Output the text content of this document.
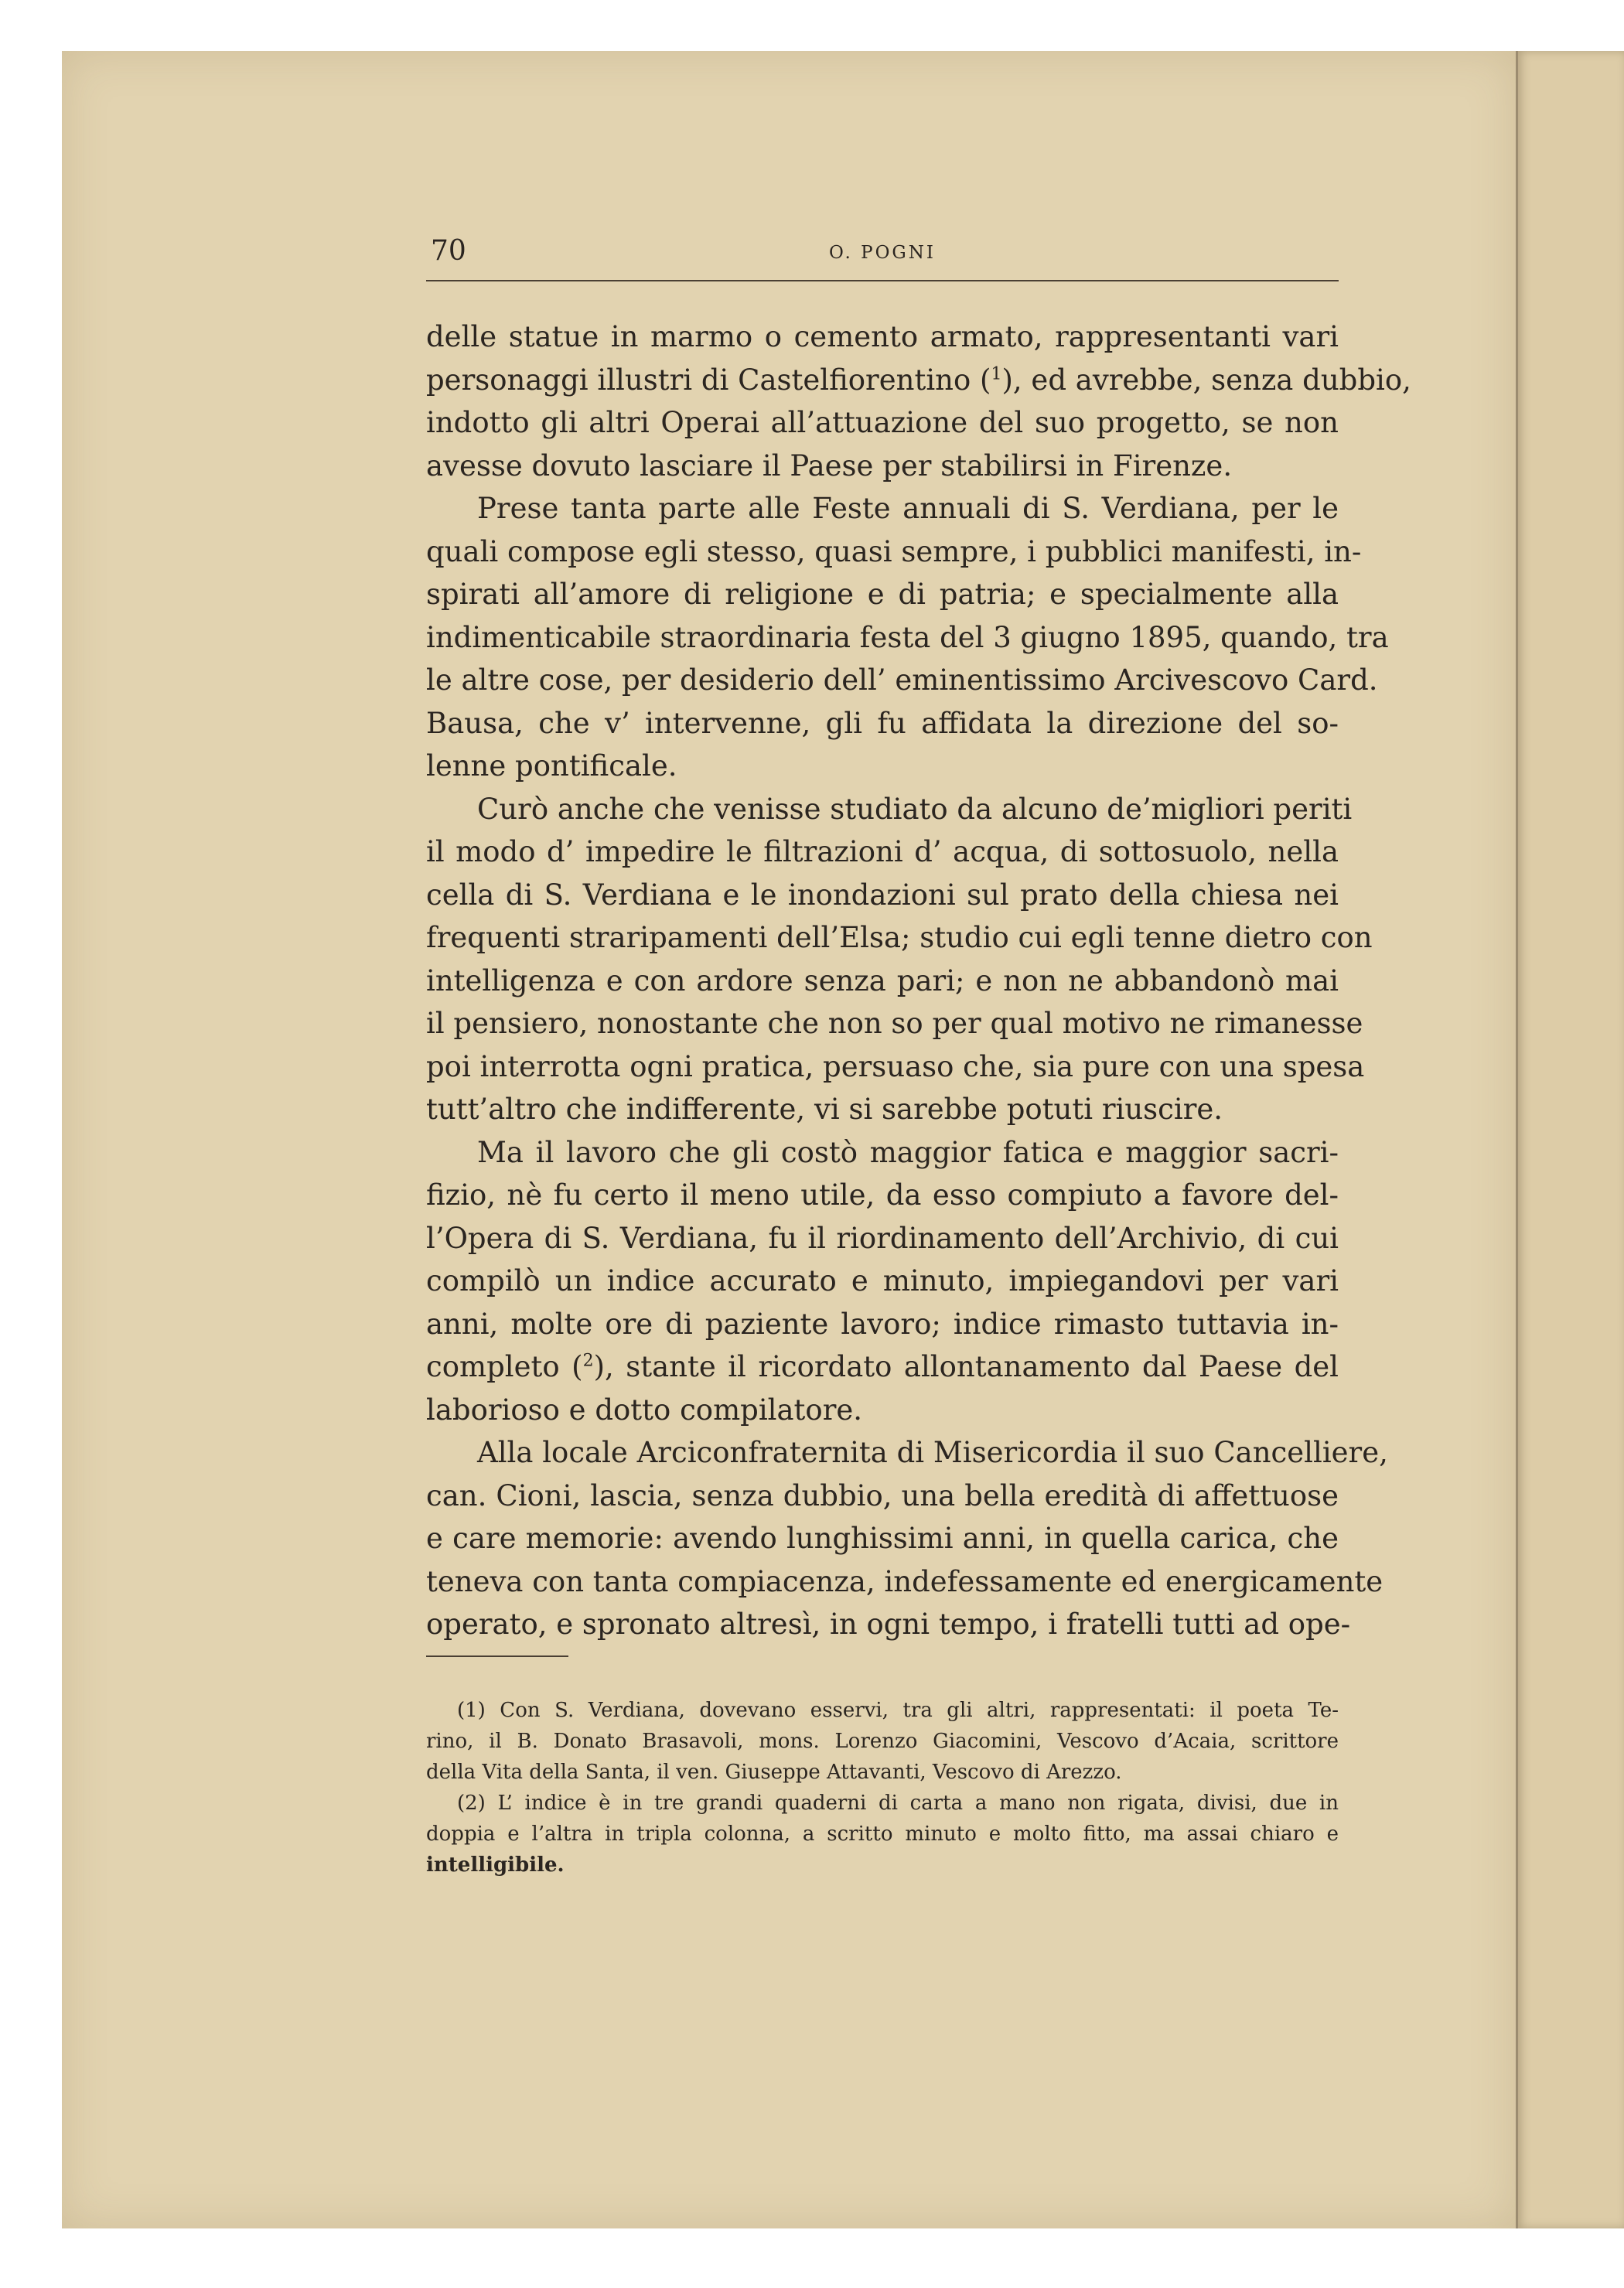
70	O. POGNI

delle statue in marmo o cemento armato, rappresentanti vari
personaggi illustri di Castelfiorentino ($^1$), ed avrebbe, senza dubbio,
indotto gli altri Operai all’attuazione del suo progetto, se non
avesse dovuto lasciare il Paese per stabilirsi in Firenze.

Prese tanta parte alle Feste annuali di S. Verdiana, per le
quali compose egli stesso, quasi sempre, i pubblici manifesti, in-
spirati all’amore di religione e di patria; e specialmente alla
indimenticabile straordinaria festa del 3 giugno 1895, quando, tra
le altre cose, per desiderio dell’ eminentissimo Arcivescovo Card.
Bausa, che v’ intervenne, gli fu affidata la direzione del so-
lenne pontificale.

Curò anche che venisse studiato da alcuno de’migliori periti
il modo d’ impedire le filtrazioni d’ acqua, di sottosuolo, nella
cella di S. Verdiana e le inondazioni sul prato della chiesa nei
frequenti straripamenti dell’Elsa; studio cui egli tenne dietro con
intelligenza e con ardore senza pari; e non ne abbandonò mai
il pensiero, nonostante che non so per qual motivo ne rimanesse
poi interrotta ogni pratica, persuaso che, sia pure con una spesa
tutt’altro che indifferente, vi si sarebbe potuti riuscire.

Ma il lavoro che gli costò maggior fatica e maggior sacri-
fizio, nè fu certo il meno utile, da esso compiuto a favore del-
l’Opera di S. Verdiana, fu il riordinamento dell’Archivio, di cui
compilò un indice accurato e minuto, impiegandovi per vari
anni, molte ore di paziente lavoro; indice rimasto tuttavia in-
completo ($^2$), stante il ricordato allontanamento dal Paese del
laborioso e dotto compilatore.

Alla locale Arciconfraternita di Misericordia il suo Cancelliere,
can. Cioni, lascia, senza dubbio, una bella eredità di affettuose
e care memorie: avendo lunghissimi anni, in quella carica, che
teneva con tanta compiacenza, indefessamente ed energicamente
operato, e spronato altresì, in ogni tempo, i fratelli tutti ad ope-

(1) Con S. Verdiana, dovevano esservi, tra gli altri, rappresentati: il poeta Te-
rino, il B. Donato Brasavoli, mons. Lorenzo Giacomini, Vescovo d’Acaia, scrittore
della Vita della Santa, il ven. Giuseppe Attavanti, Vescovo di Arezzo.

(2) L’ indice è in tre grandi quaderni di carta a mano non rigata, divisi, due in
doppia e l’altra in tripla colonna, a scritto minuto e molto fitto, ma assai chiaro e
intelligibile.
